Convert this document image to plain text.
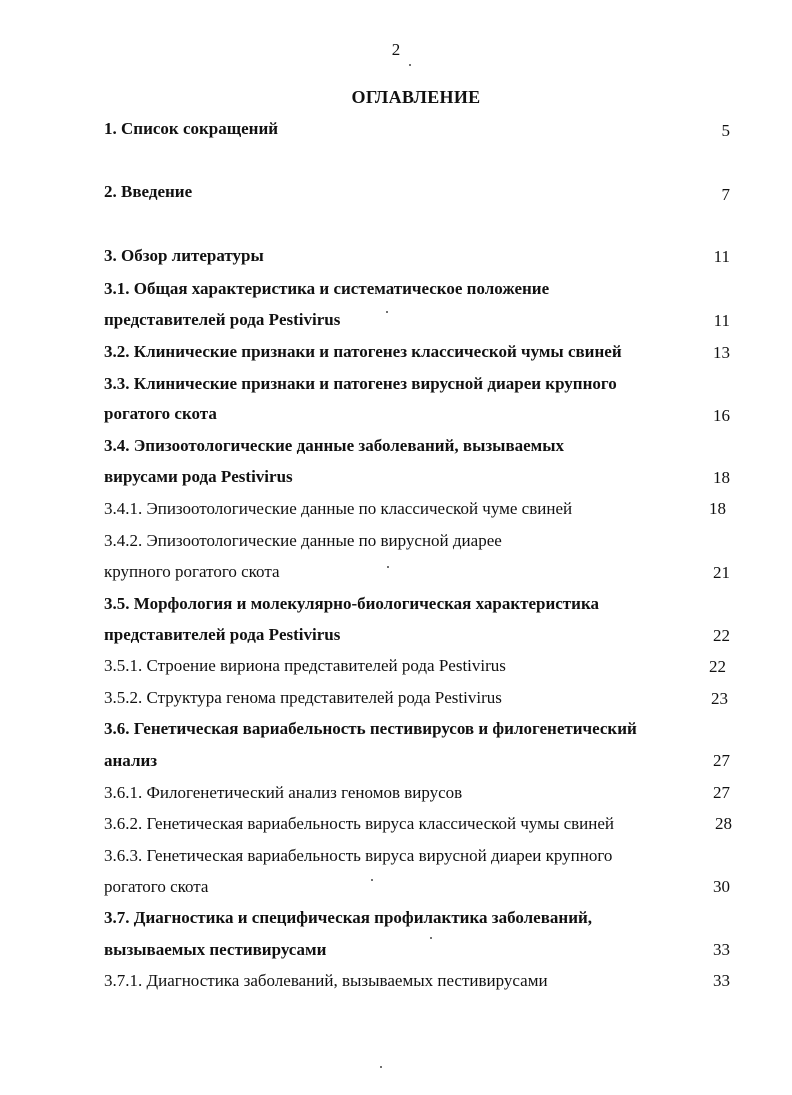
2
ОГЛАВЛЕНИЕ
1. Список сокращений	5
2. Введение	7
3. Обзор литературы	11
3.1. Общая характеристика и систематическое положение
представителей рода Pestivirus	11
3.2. Клинические признаки и патогенез классической чумы свиней	13
3.3. Клинические признаки и патогенез вирусной диареи крупного
рогатого скота	16
3.4. Эпизоотологические данные заболеваний, вызываемых
вирусами рода Pestivirus	18
3.4.1. Эпизоотологические данные по классической чуме свиней	18
3.4.2. Эпизоотологические данные по вирусной диарее
крупного рогатого скота	21
3.5. Морфология и молекулярно-биологическая характеристика
представителей рода Pestivirus	22
3.5.1. Строение вириона представителей рода Pestivirus	22
3.5.2. Структура генома представителей рода Pestivirus	23
3.6. Генетическая вариабельность пестивирусов и филогенетический
анализ	27
3.6.1. Филогенетический анализ геномов вирусов	27
3.6.2. Генетическая вариабельность вируса классической чумы свиней	28
3.6.3. Генетическая вариабельность вируса вирусной диареи крупного
рогатого скота	30
3.7. Диагностика и специфическая профилактика заболеваний,
вызываемых пестивирусами	33
3.7.1. Диагностика заболеваний, вызываемых пестивирусами	33
